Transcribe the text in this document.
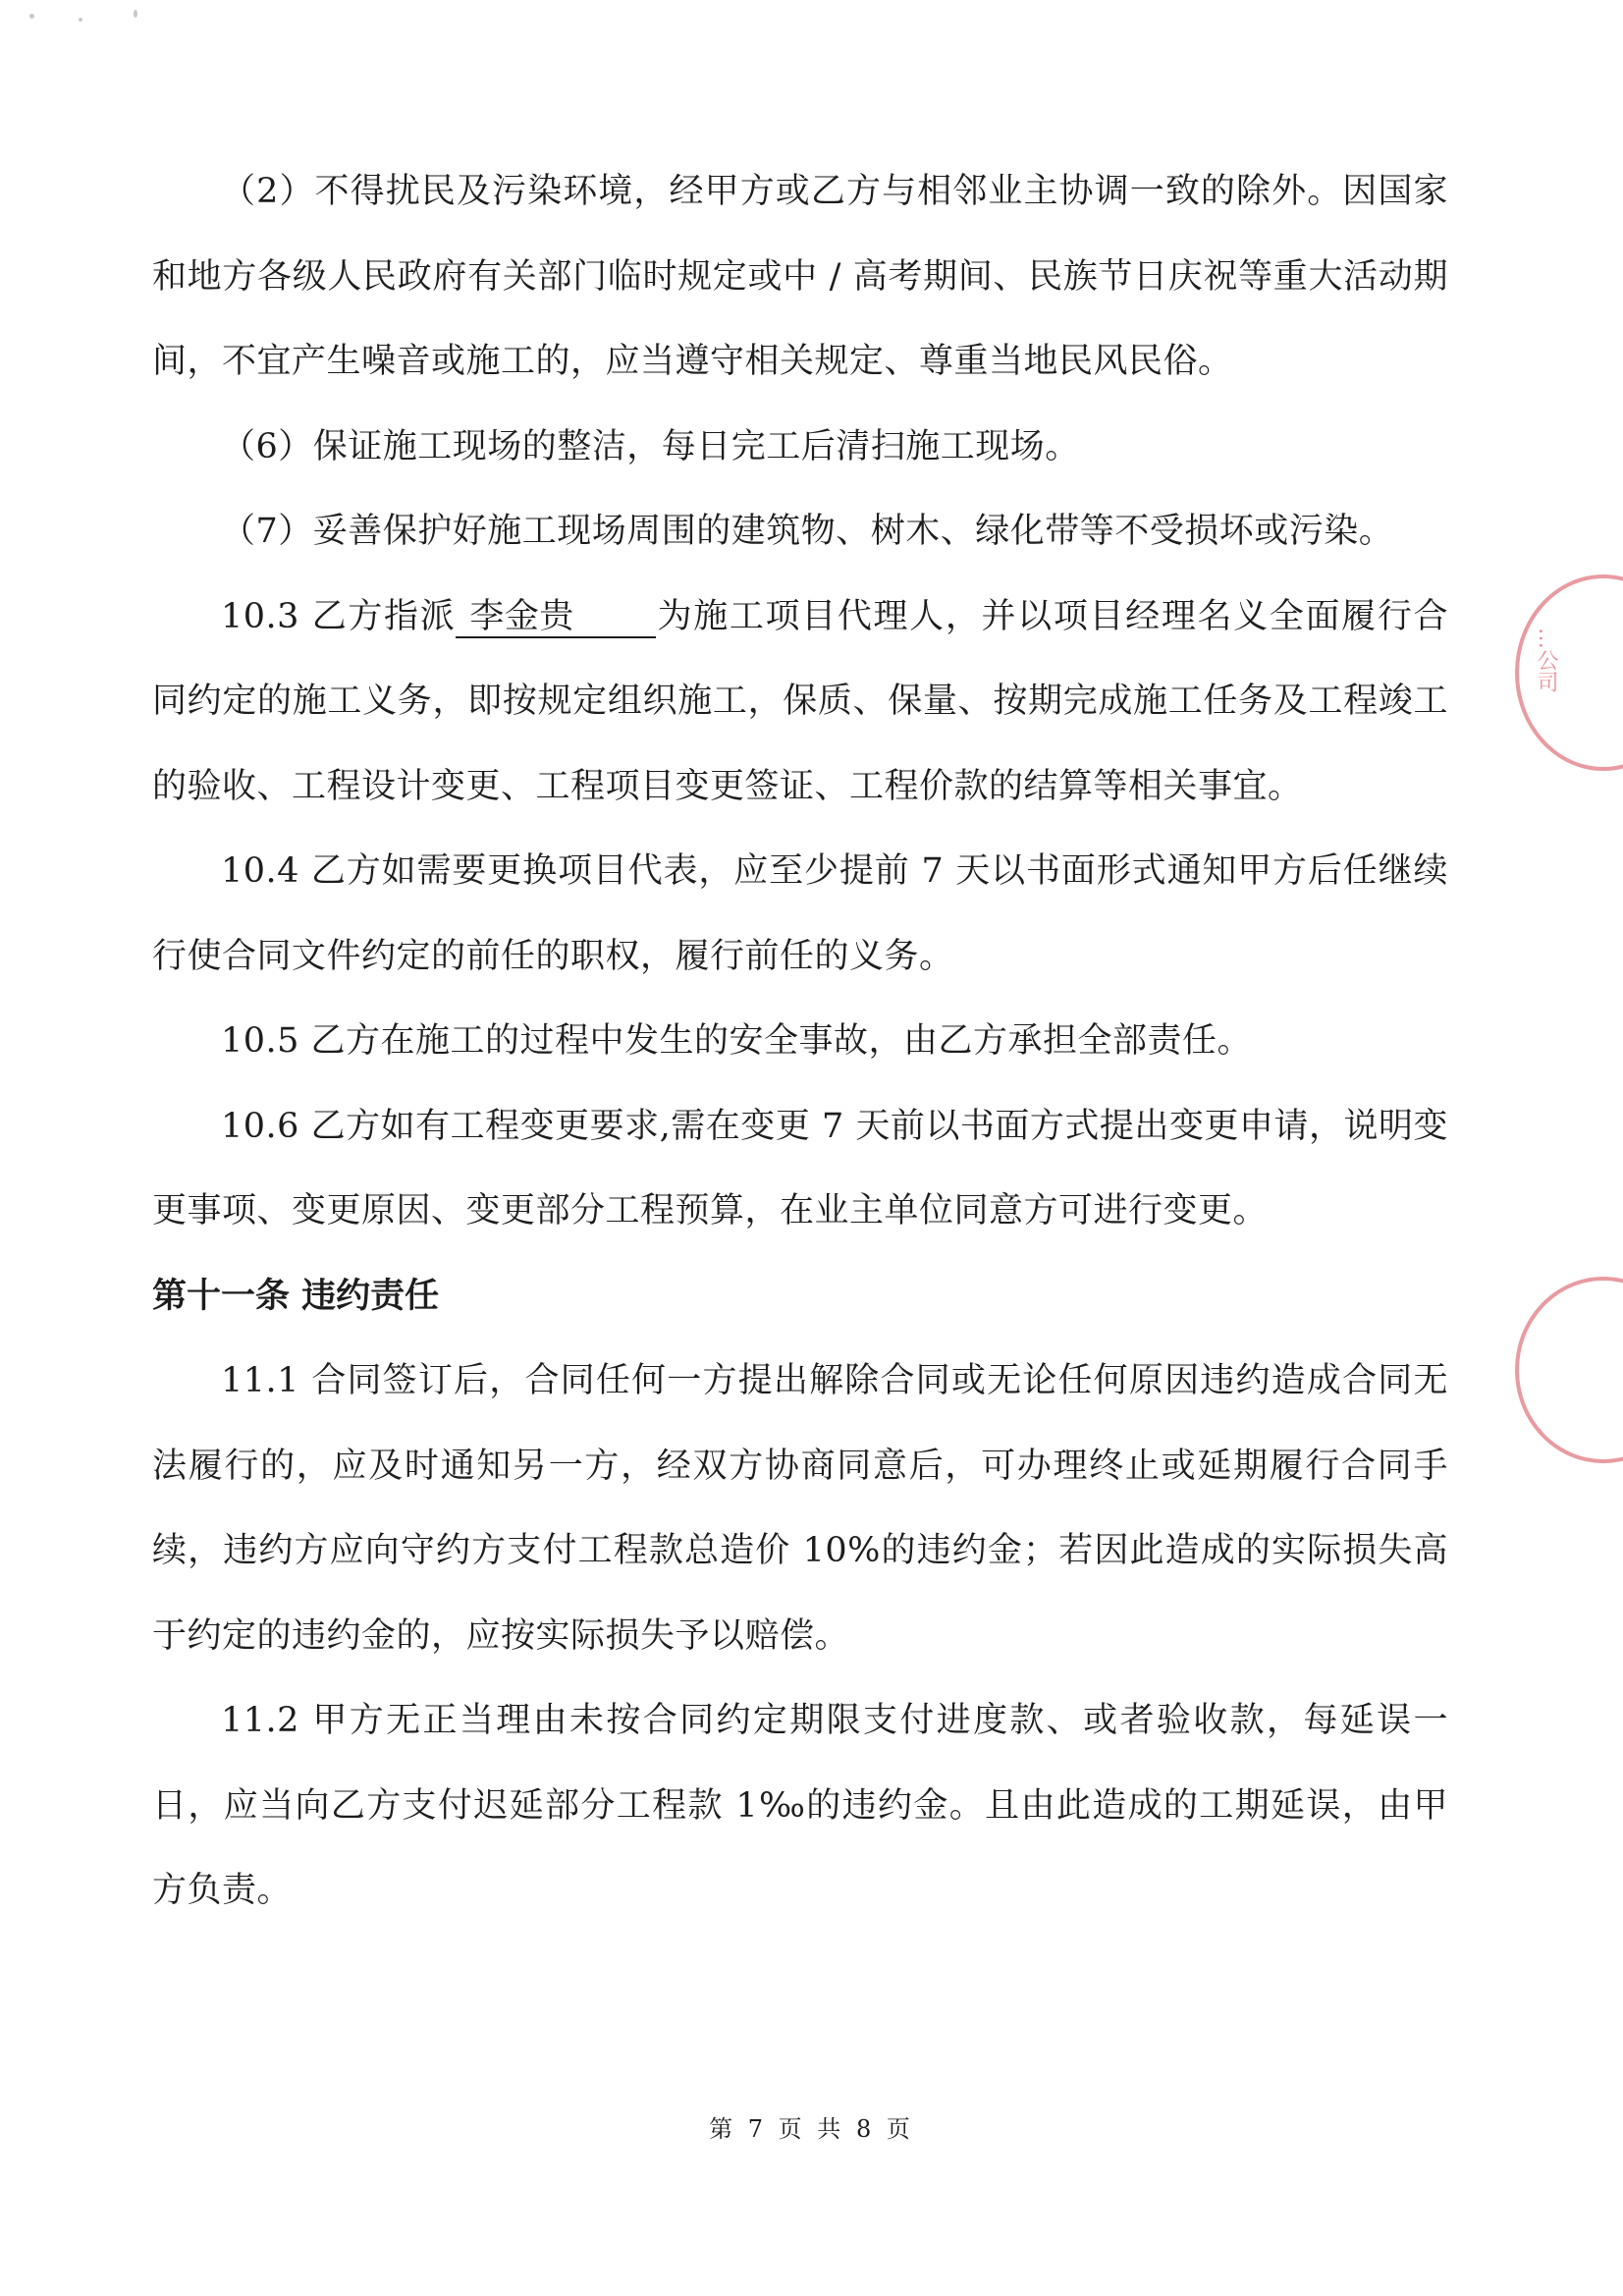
（2）不得扰民及污染环境，经甲方或乙方与相邻业主协调一致的除外。因国家和地方各级人民政府有关部门临时规定或中 / 高考期间、民族节日庆祝等重大活动期间，不宜产生噪音或施工的，应当遵守相关规定、尊重当地民风民俗。

（6）保证施工现场的整洁，每日完工后清扫施工现场。

（7）妥善保护好施工现场周围的建筑物、树木、绿化带等不受损坏或污染。

10.3 乙方指派 李金贵 为施工项目代理人，并以项目经理名义全面履行合同约定的施工义务，即按规定组织施工，保质、保量、按期完成施工任务及工程竣工的验收、工程设计变更、工程项目变更签证、工程价款的结算等相关事宜。

10.4 乙方如需要更换项目代表，应至少提前 7 天以书面形式通知甲方后任继续行使合同文件约定的前任的职权，履行前任的义务。

10.5 乙方在施工的过程中发生的安全事故，由乙方承担全部责任。

10.6 乙方如有工程变更要求,需在变更 7 天前以书面方式提出变更申请，说明变更事项、变更原因、变更部分工程预算，在业主单位同意方可进行变更。

第十一条 违约责任

11.1 合同签订后，合同任何一方提出解除合同或无论任何原因违约造成合同无法履行的，应及时通知另一方，经双方协商同意后，可办理终止或延期履行合同手续，违约方应向守约方支付工程款总造价 10%的违约金；若因此造成的实际损失高于约定的违约金的，应按实际损失予以赔偿。

11.2 甲方无正当理由未按合同约定期限支付进度款、或者验收款，每延误一日，应当向乙方支付迟延部分工程款 1‰的违约金。且由此造成的工期延误，由甲方负责。

…公司
第 7 页 共 8 页
